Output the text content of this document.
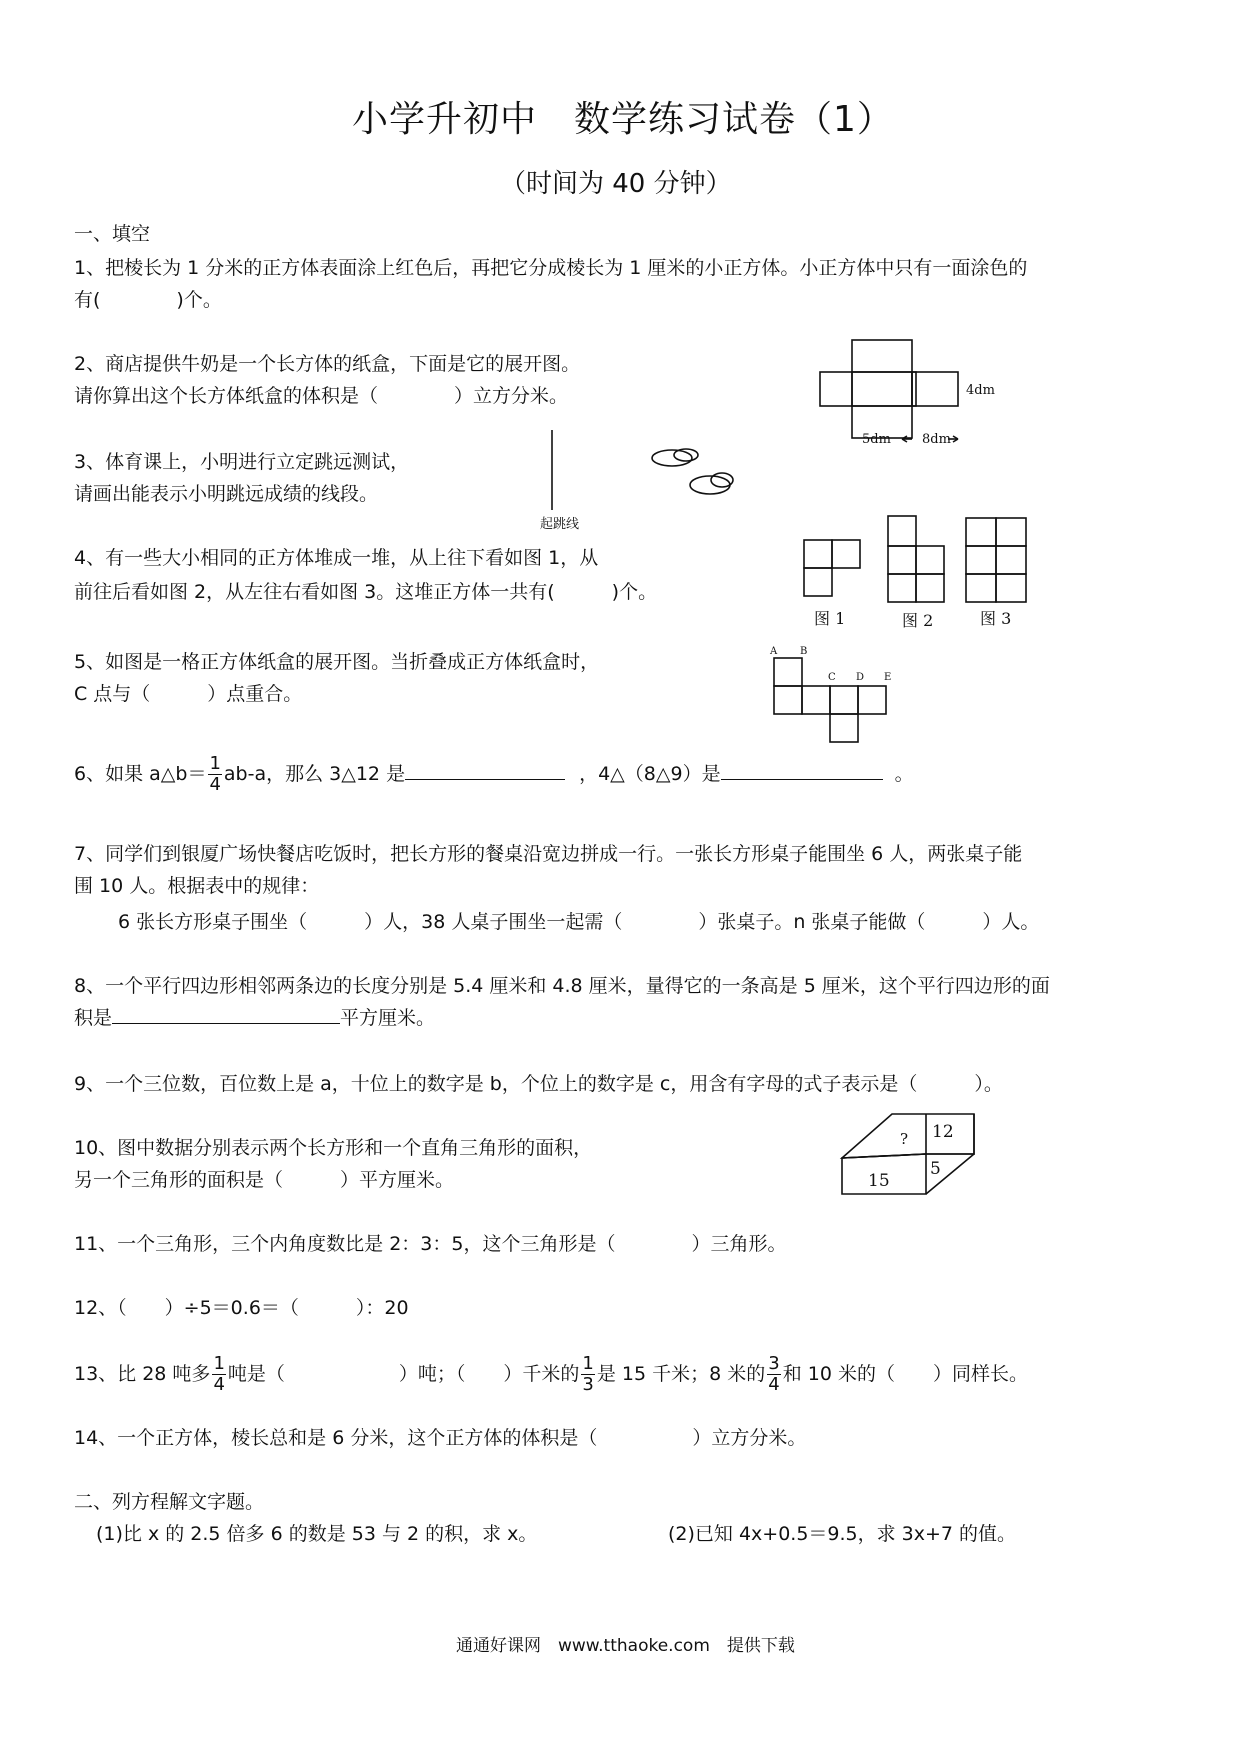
小学升初中　数学练习试卷（1）
（时间为 40 分钟）
一、填空
1、把棱长为 1 分米的正方体表面涂上红色后，再把它分成棱长为 1 厘米的小正方体。小正方体中只有一面涂色的
有(　　　　)个。
2、商店提供牛奶是一个长方体的纸盒，下面是它的展开图。
请你算出这个长方体纸盒的体积是（　　　　）立方分米。	4dm
5dm 8dm
3、体育课上，小明进行立定跳远测试，
请画出能表示小明跳远成绩的线段。
起跳线
4、有一些大小相同的正方体堆成一堆，从上往下看如图 1，从
前往后看如图 2，从左往右看如图 3。这堆正方体一共有(　　　)个。
图 1	图 2	图 3
5、如图是一格正方体纸盒的展开图。当折叠成正方体纸盒时，
C 点与（　　　）点重合。
A B
C D E
6、如果 a△b＝ $\frac{1}{4} ab-a$，那么 3△12 是	，4△（8△9）是	。
7、同学们到银厦广场快餐店吃饭时，把长方形的餐桌沿宽边拼成一行。一张长方形桌子能围坐 6 人，两张桌子能
围 10 人。根据表中的规律：
6 张长方形桌子围坐（　　　）人，38 人桌子围坐一起需（　　　　）张桌子。n 张桌子能做（　　　）人。
8、一个平行四边形相邻两条边的长度分别是 5.4 厘米和 4.8 厘米，量得它的一条高是 5 厘米，这个平行四边形的面
积是	平方厘米。
9、一个三位数，百位数上是 a，十位上的数字是 b，个位上的数字是 c，用含有字母的式子表示是（　　　）。
10、图中数据分别表示两个长方形和一个直角三角形的面积，
另一个三角形的面积是（　　　）平方厘米。
? 12
15
5
11、一个三角形，三个内角度数比是 2：3：5，这个三角形是（　　　　）三角形。
12、（　　）÷5＝0.6＝（　　　）：20
13、比 28 吨多 $\frac{1}{4}$ 吨是（　　　　　　）吨；（　　）千米的 $\frac{1}{3}$ 是 15 千米；8 米的 $\frac{3}{4}$ 和 10 米的（　　）同样长。
14、一个正方体，棱长总和是 6 分米，这个正方体的体积是（　　　　　）立方分米。
二、列方程解文字题。
(1)比 x 的 2.5 倍多 6 的数是 53 与 2 的积，求 x。	(2)已知 4x+0.5＝9.5，求 3x+7 的值。
通通好课网　www.tthaoke.com　提供下载
